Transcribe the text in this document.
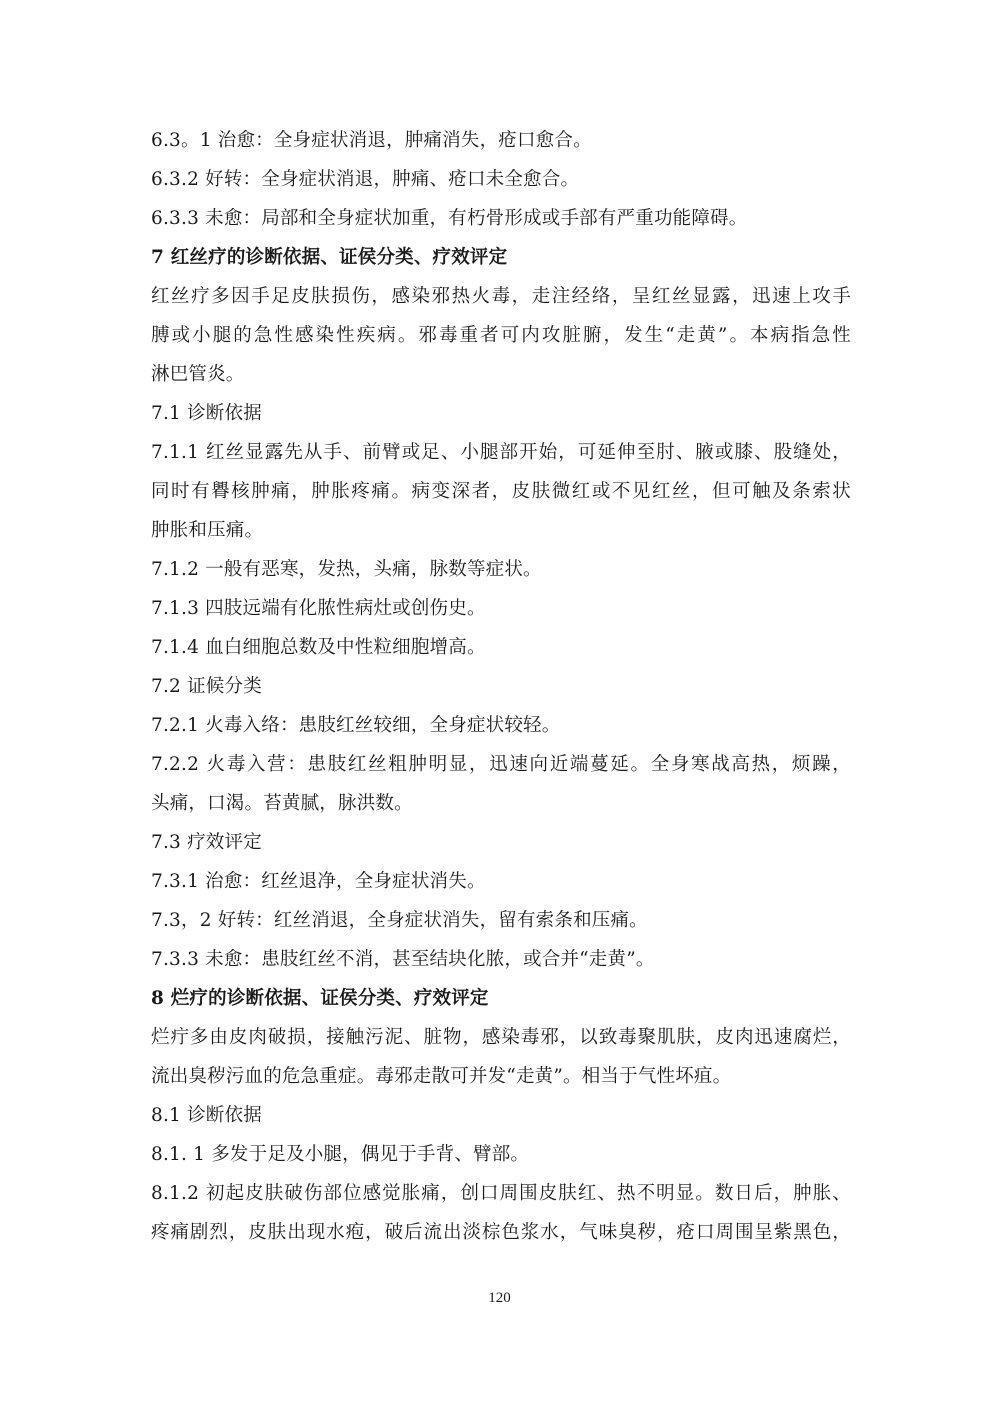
6.3。1 治愈：全身症状消退，肿痛消失，疮口愈合。
6.3.2 好转：全身症状消退，肿痛、疮口未全愈合。
6.3.3 未愈：局部和全身症状加重，有朽骨形成或手部有严重功能障碍。
7 红丝疗的诊断依据、证侯分类、疗效评定
红丝疗多因手足皮肤损伤，感染邪热火毒，走注经络，呈红丝显露，迅速上攻手
膊或小腿的急性感染性疾病。邪毒重者可内攻脏腑，发生“走黄”。本病指急性
淋巴管炎。
7.1 诊断依据
7.1.1 红丝显露先从手、前臂或足、小腿部开始，可延伸至肘、腋或膝、股缝处，
同时有臖核肿痛，肿胀疼痛。病变深者，皮肤微红或不见红丝，但可触及条索状
肿胀和压痛。
7.1.2 一般有恶寒，发热，头痛，脉数等症状。
7.1.3 四肢远端有化脓性病灶或创伤史。
7.1.4 血白细胞总数及中性粒细胞增高。
7.2 证候分类
7.2.1 火毒入络：患肢红丝较细，全身症状较轻。
7.2.2 火毒入营：患肢红丝粗肿明显，迅速向近端蔓延。全身寒战高热，烦躁，
头痛，口渴。苔黄腻，脉洪数。
7.3 疗效评定
7.3.1 治愈：红丝退净，全身症状消失。
7.3，2 好转：红丝消退，全身症状消失，留有索条和压痛。
7.3.3 未愈：患肢红丝不消，甚至结块化脓，或合并“走黄”。
8 烂疗的诊断依据、证侯分类、疗效评定
烂疔多由皮肉破损，接触污泥、脏物，感染毒邪，以致毒聚肌肤，皮肉迅速腐烂，
流出臭秽污血的危急重症。毒邪走散可并发“走黄”。相当于气性坏疽。
8.1 诊断依据
8.1. 1 多发于足及小腿，偶见于手背、臂部。
8.1.2 初起皮肤破伤部位感觉胀痛，创口周围皮肤红、热不明显。数日后，肿胀、
疼痛剧烈，皮肤出现水疱，破后流出淡棕色浆水，气味臭秽，疮口周围呈紫黑色，
120
